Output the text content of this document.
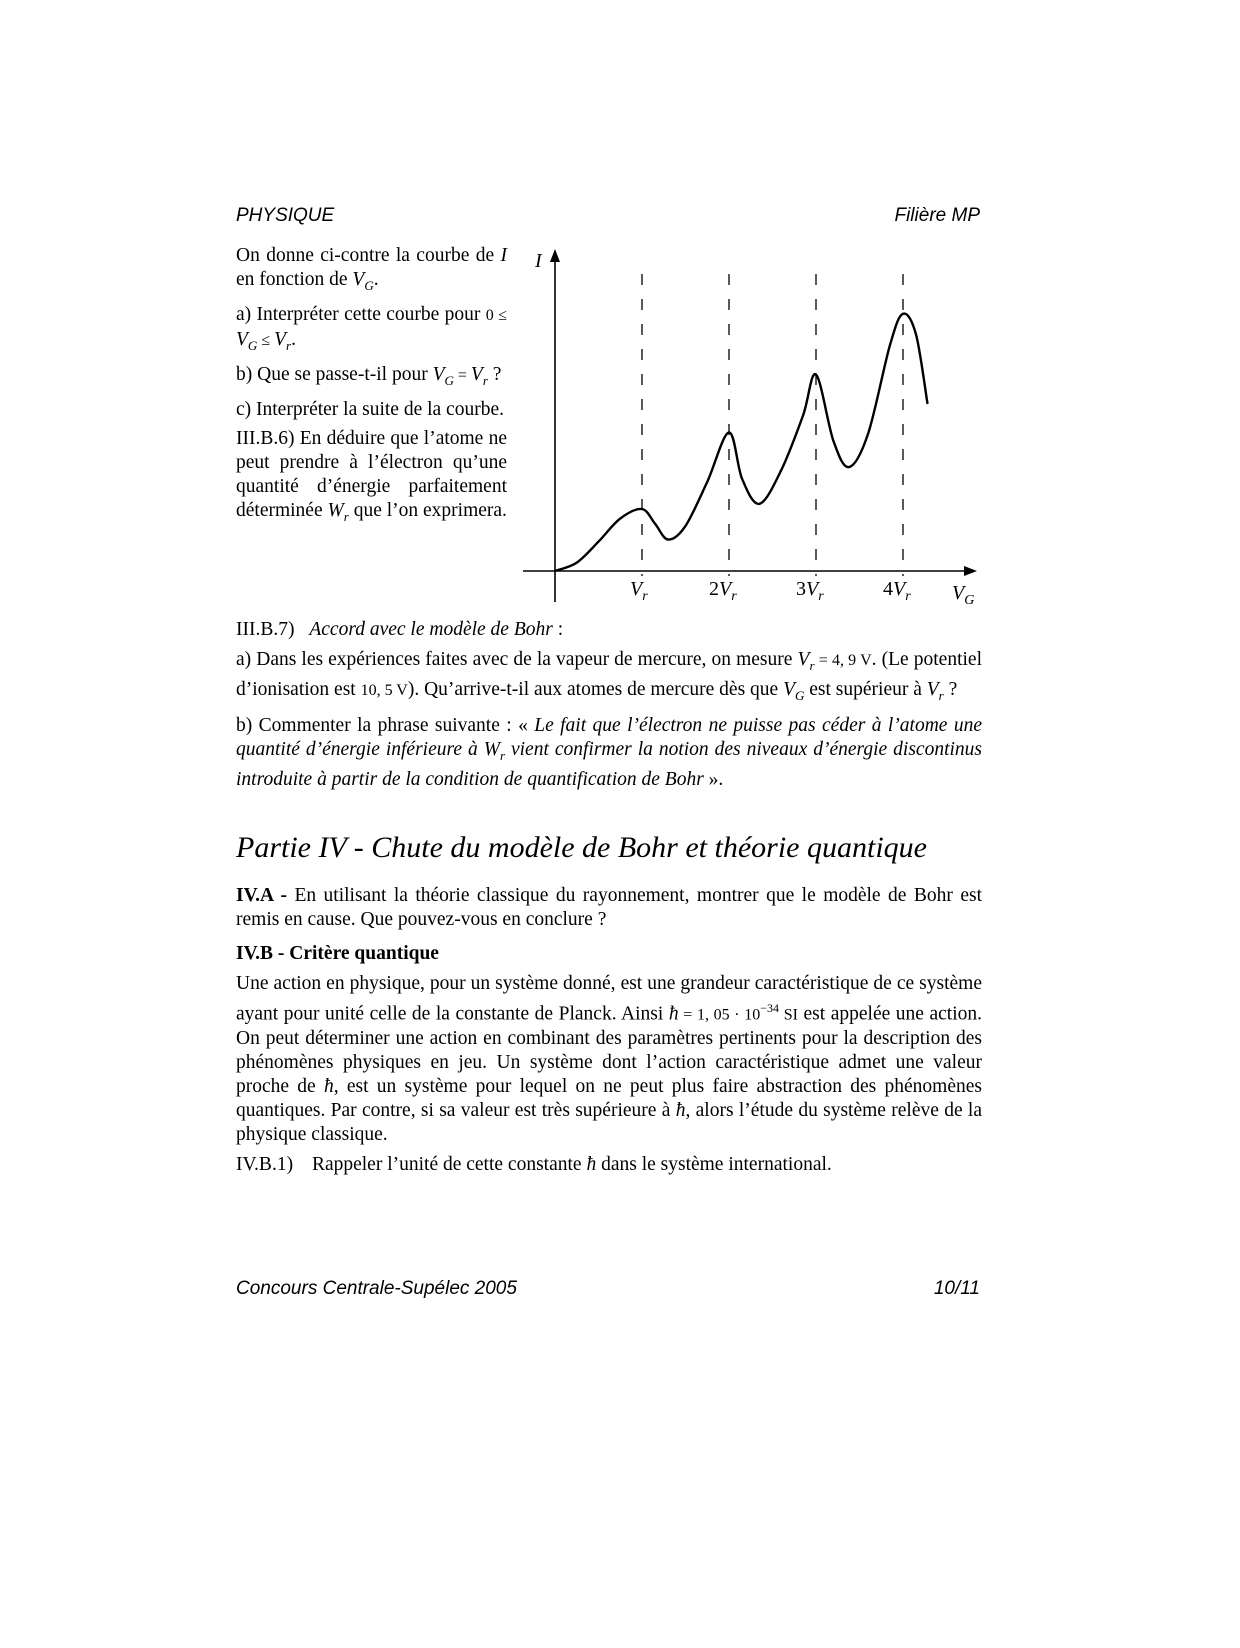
PHYSIQUE	Filière MP
On donne ci-contre la courbe de I en fonction de $V_G$.
a) Interpréter cette courbe pour $0 \le V_G \le V_r$.
b) Que se passe-t-il pour $V_G = V_r$ ?
c) Interpréter la suite de la courbe.
III.B.6) En déduire que l’atome ne peut prendre à l’électron qu’une quantité d’énergie parfaitement déterminée $W_r$ que l’on exprimera.
I
$V_G$
$V_r$	$2V_r$	$3V_r$	$4V_r$
III.B.7) Accord avec le modèle de Bohr :
a) Dans les expériences faites avec de la vapeur de mercure, on mesure $V_r = 4$, 9 V. (Le potentiel d’ionisation est 10, 5 V). Qu’arrive-t-il aux atomes de mercure dès que $V_G$ est supérieur à $V_r$ ?
b) Commenter la phrase suivante : « Le fait que l’électron ne puisse pas céder à l’atome une quantité d’énergie inférieure à $W_r$ vient confirmer la notion des niveaux d’énergie discontinus introduite à partir de la condition de quantification de Bohr ».
Partie IV - Chute du modèle de Bohr et théorie quantique
IV.A - En utilisant la théorie classique du rayonnement, montrer que le modèle de Bohr est remis en cause. Que pouvez-vous en conclure ?
IV.B - Critère quantique
Une action en physique, pour un système donné, est une grandeur caractéristique de ce système ayant pour unité celle de la constante de Planck. Ainsi ħ = 1, $05 \cdot 10^{-34}$ SI est appelée une action. On peut déterminer une action en combinant des paramètres pertinents pour la description des phénomènes physiques en jeu. Un système dont l’action caractéristique admet une valeur proche de ħ, est un système pour lequel on ne peut plus faire abstraction des phénomènes quantiques. Par contre, si sa valeur est très supérieure à ħ, alors l’étude du système relève de la physique classique.
IV.B.1) Rappeler l’unité de cette constante ħ dans le système international.
Concours Centrale-Supélec 2005	10/11
